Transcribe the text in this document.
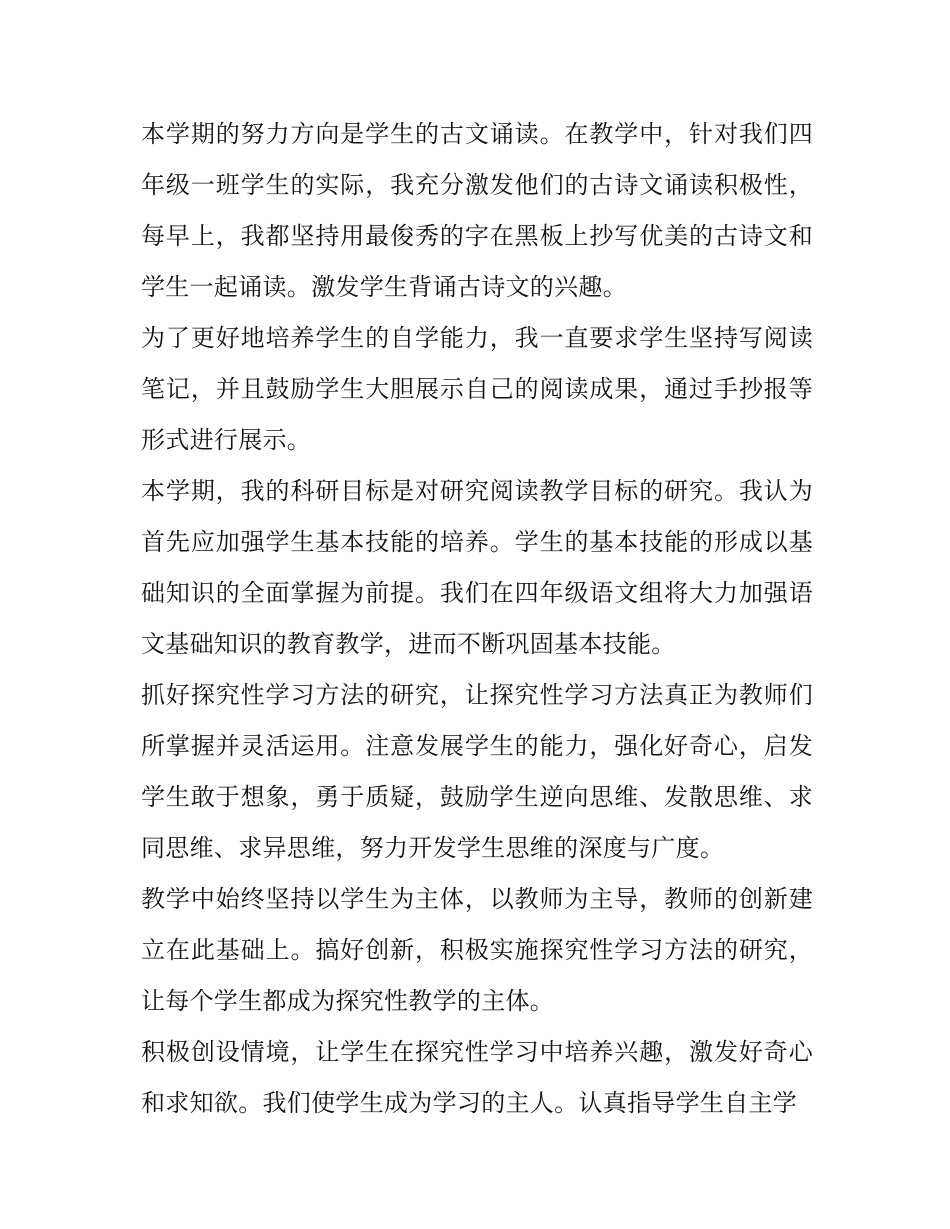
本学期的努力方向是学生的古文诵读。在教学中，针对我们四年级一班学生的实际，我充分激发他们的古诗文诵读积极性，每早上，我都坚持用最俊秀的字在黑板上抄写优美的古诗文和学生一起诵读。激发学生背诵古诗文的兴趣。

为了更好地培养学生的自学能力，我一直要求学生坚持写阅读笔记，并且鼓励学生大胆展示自己的阅读成果，通过手抄报等形式进行展示。

本学期，我的科研目标是对研究阅读教学目标的研究。我认为首先应加强学生基本技能的培养。学生的基本技能的形成以基础知识的全面掌握为前提。我们在四年级语文组将大力加强语文基础知识的教育教学，进而不断巩固基本技能。

抓好探究性学习方法的研究，让探究性学习方法真正为教师们所掌握并灵活运用。注意发展学生的能力，强化好奇心，启发学生敢于想象，勇于质疑，鼓励学生逆向思维、发散思维、求同思维、求异思维，努力开发学生思维的深度与广度。

教学中始终坚持以学生为主体，以教师为主导，教师的创新建立在此基础上。搞好创新，积极实施探究性学习方法的研究，让每个学生都成为探究性教学的主体。

积极创设情境，让学生在探究性学习中培养兴趣，激发好奇心和求知欲。我们使学生成为学习的主人。认真指导学生自主学
